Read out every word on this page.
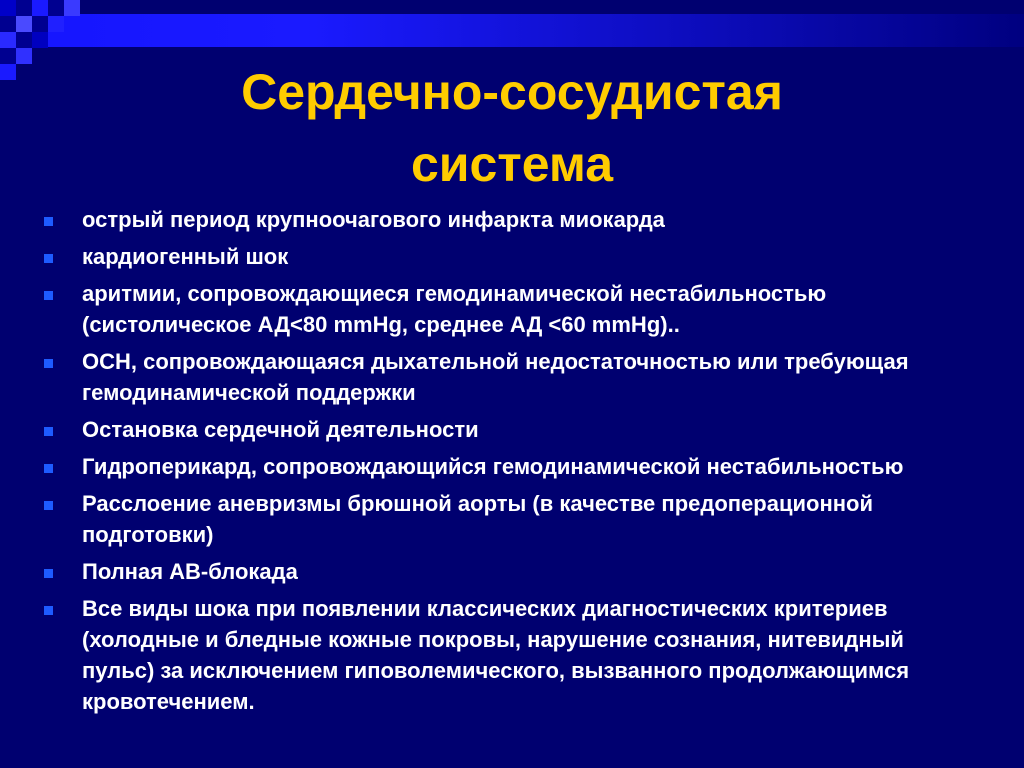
Сердечно-сосудистая
система
острый период крупноочагового инфаркта миокарда
кардиогенный шок
аритмии, сопровождающиеся гемодинамической нестабильностью (систолическое АД<80 mmHg, среднее АД <60 mmHg)..
ОСН, сопровождающаяся дыхательной недостаточностью или требующая гемодинамической поддержки
Остановка сердечной деятельности
Гидроперикард, сопровождающийся гемодинамической нестабильностью
Расслоение аневризмы брюшной аорты (в качестве предоперационной подготовки)
Полная АВ-блокада
Все виды шока при появлении классических диагностических критериев (холодные и бледные кожные покровы, нарушение сознания, нитевидный пульс) за исключением гиповолемического, вызванного продолжающимся кровотечением.
